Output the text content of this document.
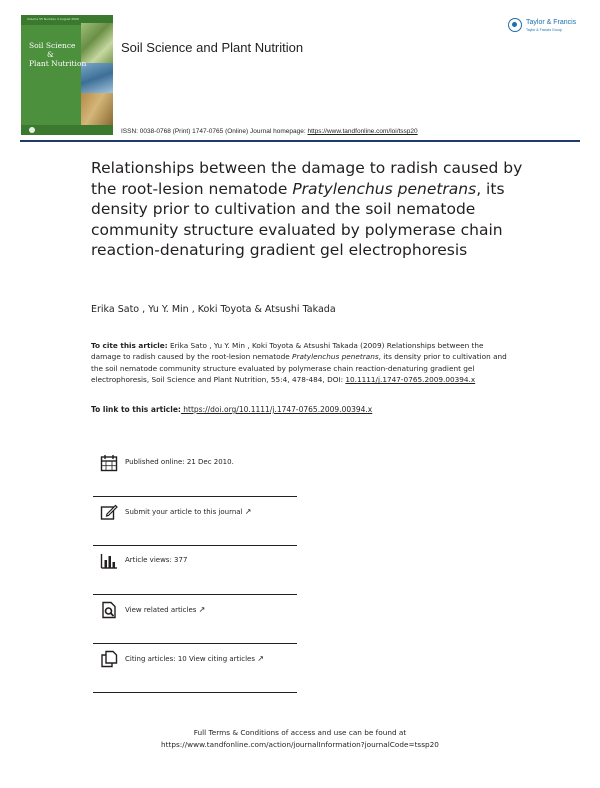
Volume 55 Number 4 August 2009
Soil Science
&
Plant Nutrition
Soil Science and Plant Nutrition
Taylor & Francis
Taylor & Francis Group
ISSN: 0038-0768 (Print) 1747-0765 (Online) Journal homepage: https://www.tandfonline.com/loi/tssp20
Relationships between the damage to radish caused by the root-lesion nematode Pratylenchus penetrans, its density prior to cultivation and the soil nematode community structure evaluated by polymerase chain reaction-denaturing gradient gel electrophoresis
Erika Sato , Yu Y. Min , Koki Toyota & Atsushi Takada
To cite this article: Erika Sato , Yu Y. Min , Koki Toyota & Atsushi Takada (2009) Relationships between the damage to radish caused by the root-lesion nematode Pratylenchus penetrans, its density prior to cultivation and the soil nematode community structure evaluated by polymerase chain reaction-denaturing gradient gel electrophoresis, Soil Science and Plant Nutrition, 55:4, 478-484, DOI: 10.1111/j.1747-0765.2009.00394.x
To link to this article: https://doi.org/10.1111/j.1747-0765.2009.00394.x
Published online: 21 Dec 2010.
Submit your article to this journal ↗
Article views: 377
View related articles ↗
Citing articles: 10 View citing articles ↗
Full Terms & Conditions of access and use can be found at
https://www.tandfonline.com/action/journalInformation?journalCode=tssp20
